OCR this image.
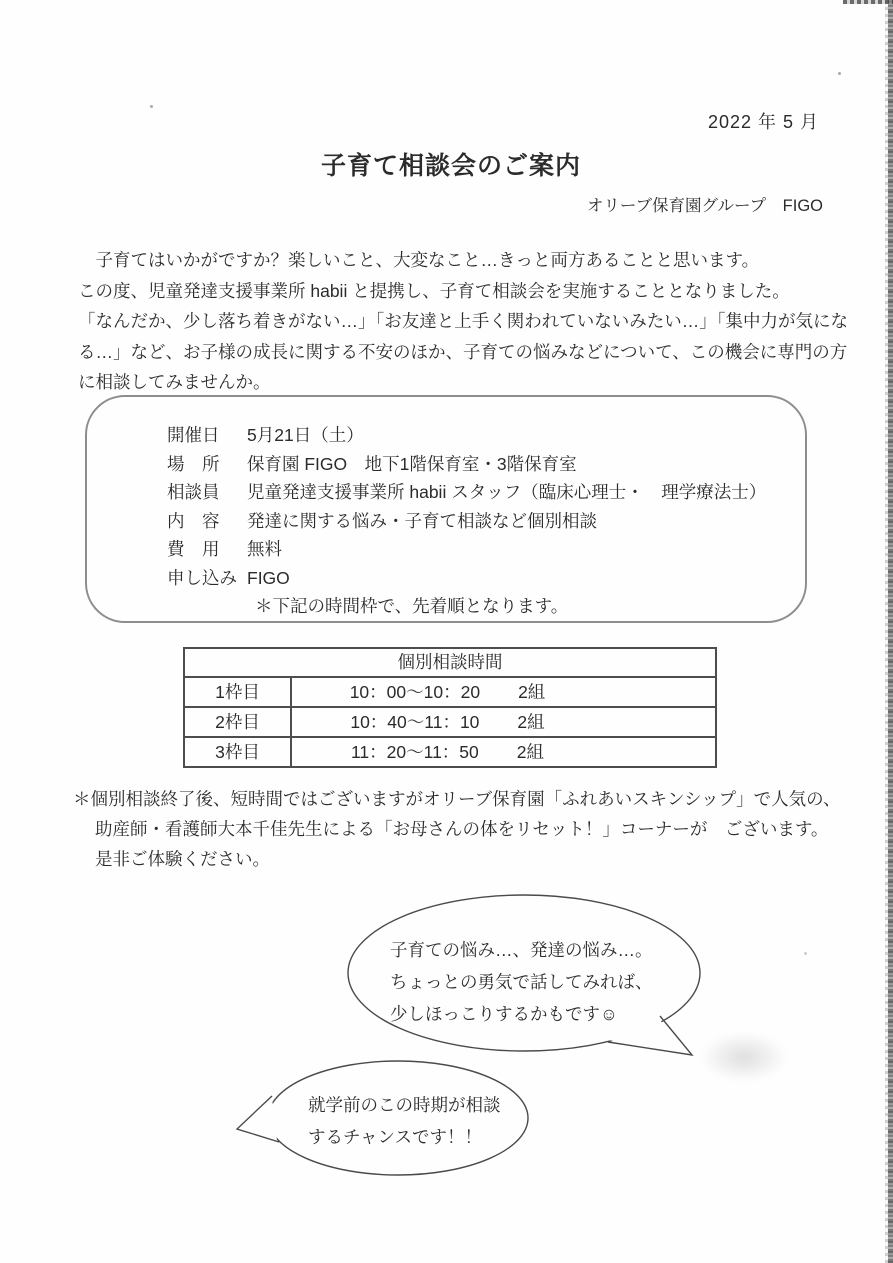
2022 年 5 月
子育て相談会のご案内
オリーブ保育園グループ　FIGO
　子育てはいかがですか？楽しいこと、大変なこと…きっと両方あることと思います。
この度、児童発達支援事業所 habii と提携し、子育て相談会を実施することとなりました。
「なんだか、少し落ち着きがない…」「お友達と上手く関われていないみたい…」「集中力が気にな
る…」など、お子様の成長に関する不安のほか、子育ての悩みなどについて、この機会に専門の方
に相談してみませんか。
開催日	5月21日（土）
場　所	保育園 FIGO　地下1階保育室・3階保育室
相談員	児童発達支援事業所 habii スタッフ（臨床心理士・　理学療法士）
内　容	発達に関する悩み・子育て相談など個別相談
費　用	無料
申し込み FIGO
＊下記の時間枠で、先着順となります。
個別相談時間
1枠目	10：00～10：20 2組
2枠目	10：40～11：10 2組
3枠目	11：20～11：50 2組
＊個別相談終了後、短時間ではございますがオリーブ保育園「ふれあいスキンシップ」で人気の、
助産師・看護師大本千佳先生による「お母さんの体をリセット！」コーナーが　ございます。
是非ご体験ください。
子育ての悩み…、発達の悩み…。
ちょっとの勇気で話してみれば、
少しほっこりするかもです☺
就学前のこの時期が相談
するチャンスです！！
